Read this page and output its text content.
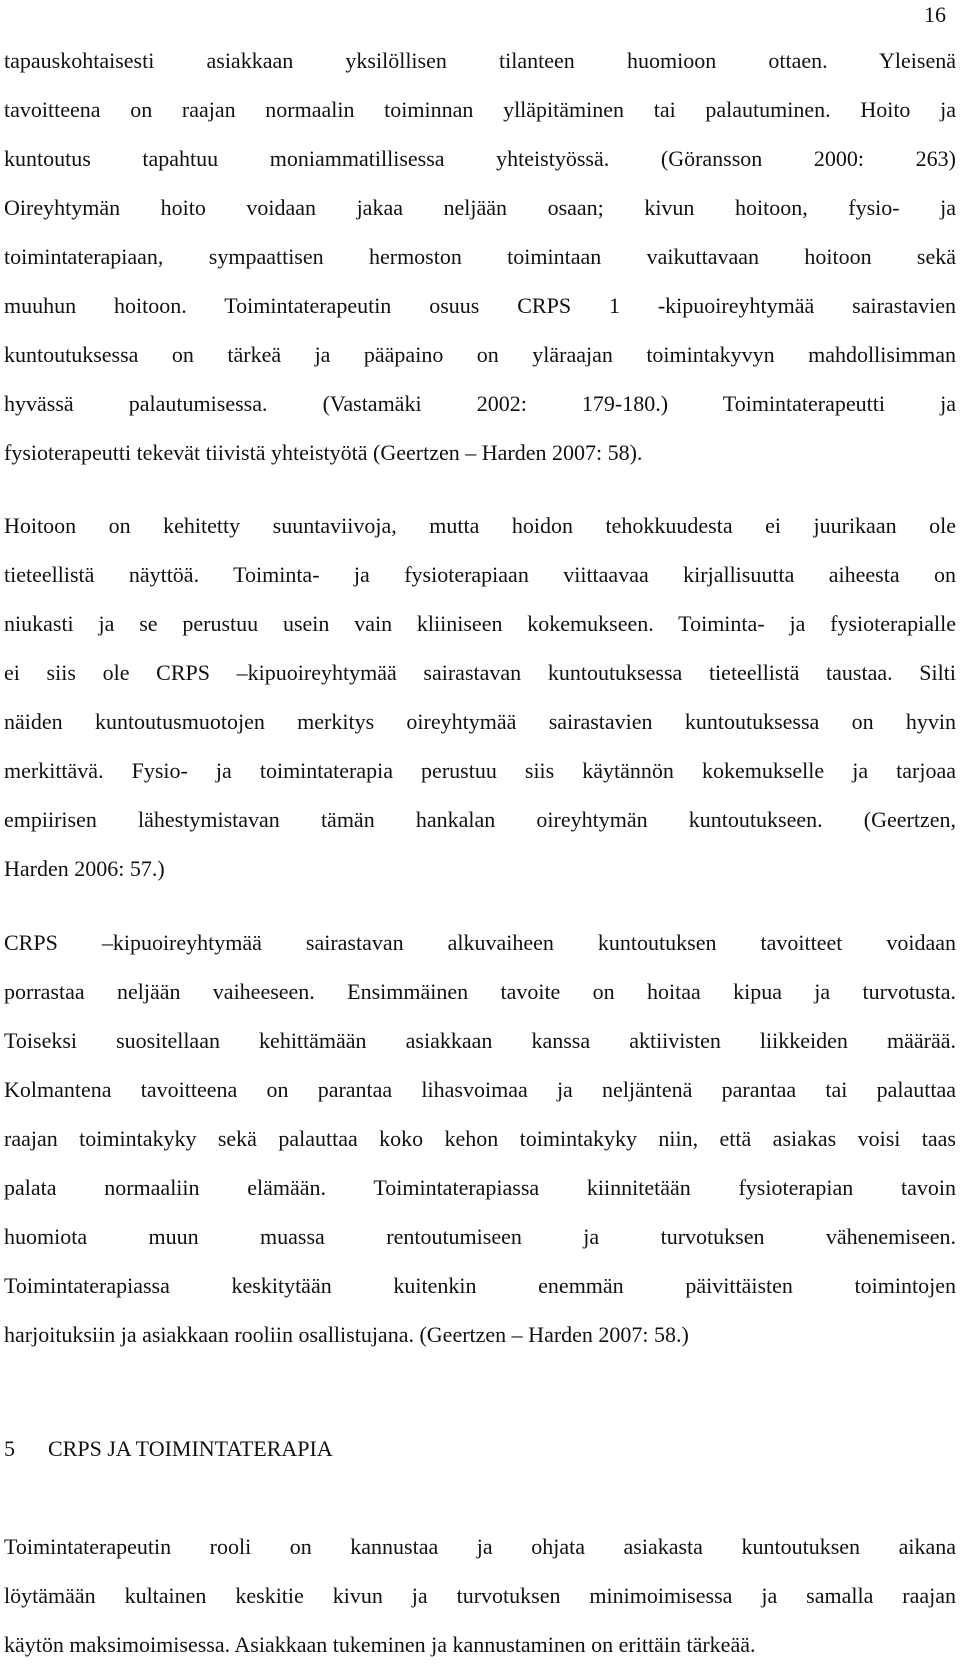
16
tapauskohtaisesti asiakkaan yksilöllisen tilanteen huomioon ottaen. Yleisenä
tavoitteena on raajan normaalin toiminnan ylläpitäminen tai palautuminen. Hoito ja
kuntoutus tapahtuu moniammatillisessa yhteistyössä. (Göransson 2000: 263)
Oireyhtymän hoito voidaan jakaa neljään osaan; kivun hoitoon, fysio- ja
toimintaterapiaan, sympaattisen hermoston toimintaan vaikuttavaan hoitoon sekä
muuhun hoitoon. Toimintaterapeutin osuus CRPS 1 -kipuoireyhtymää sairastavien
kuntoutuksessa on tärkeä ja pääpaino on yläraajan toimintakyvyn mahdollisimman
hyvässä palautumisessa. (Vastamäki 2002: 179-180.) Toimintaterapeutti ja
fysioterapeutti tekevät tiivistä yhteistyötä (Geertzen – Harden 2007: 58).
Hoitoon on kehitetty suuntaviivoja, mutta hoidon tehokkuudesta ei juurikaan ole
tieteellistä näyttöä. Toiminta- ja fysioterapiaan viittaavaa kirjallisuutta aiheesta on
niukasti ja se perustuu usein vain kliiniseen kokemukseen. Toiminta- ja fysioterapialle
ei siis ole CRPS –kipuoireyhtymää sairastavan kuntoutuksessa tieteellistä taustaa. Silti
näiden kuntoutusmuotojen merkitys oireyhtymää sairastavien kuntoutuksessa on hyvin
merkittävä. Fysio- ja toimintaterapia perustuu siis käytännön kokemukselle ja tarjoaa
empiirisen lähestymistavan tämän hankalan oireyhtymän kuntoutukseen. (Geertzen,
Harden 2006: 57.)
CRPS –kipuoireyhtymää sairastavan alkuvaiheen kuntoutuksen tavoitteet voidaan
porrastaa neljään vaiheeseen. Ensimmäinen tavoite on hoitaa kipua ja turvotusta.
Toiseksi suositellaan kehittämään asiakkaan kanssa aktiivisten liikkeiden määrää.
Kolmantena tavoitteena on parantaa lihasvoimaa ja neljäntenä parantaa tai palauttaa
raajan toimintakyky sekä palauttaa koko kehon toimintakyky niin, että asiakas voisi taas
palata normaaliin elämään. Toimintaterapiassa kiinnitetään fysioterapian tavoin
huomiota muun muassa rentoutumiseen ja turvotuksen vähenemiseen.
Toimintaterapiassa keskitytään kuitenkin enemmän päivittäisten toimintojen
harjoituksiin ja asiakkaan rooliin osallistujana. (Geertzen – Harden 2007: 58.)
5 CRPS JA TOIMINTATERAPIA
Toimintaterapeutin rooli on kannustaa ja ohjata asiakasta kuntoutuksen aikana
löytämään kultainen keskitie kivun ja turvotuksen minimoimisessa ja samalla raajan
käytön maksimoimisessa. Asiakkaan tukeminen ja kannustaminen on erittäin tärkeää.
